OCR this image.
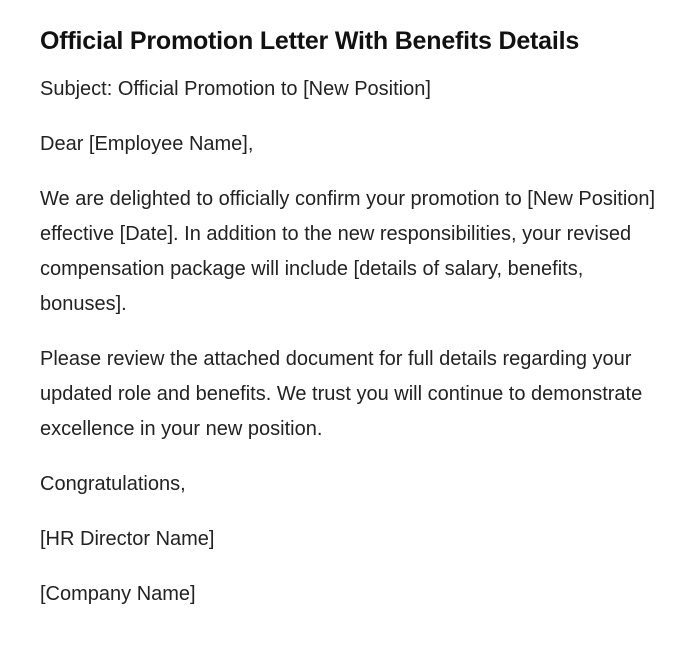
Official Promotion Letter With Benefits Details

Subject: Official Promotion to [New Position]

Dear [Employee Name],

We are delighted to officially confirm your promotion to [New Position] effective [Date]. In addition to the new responsibilities, your revised compensation package will include [details of salary, benefits, bonuses].

Please review the attached document for full details regarding your updated role and benefits. We trust you will continue to demonstrate excellence in your new position.

Congratulations,

[HR Director Name]

[Company Name]
